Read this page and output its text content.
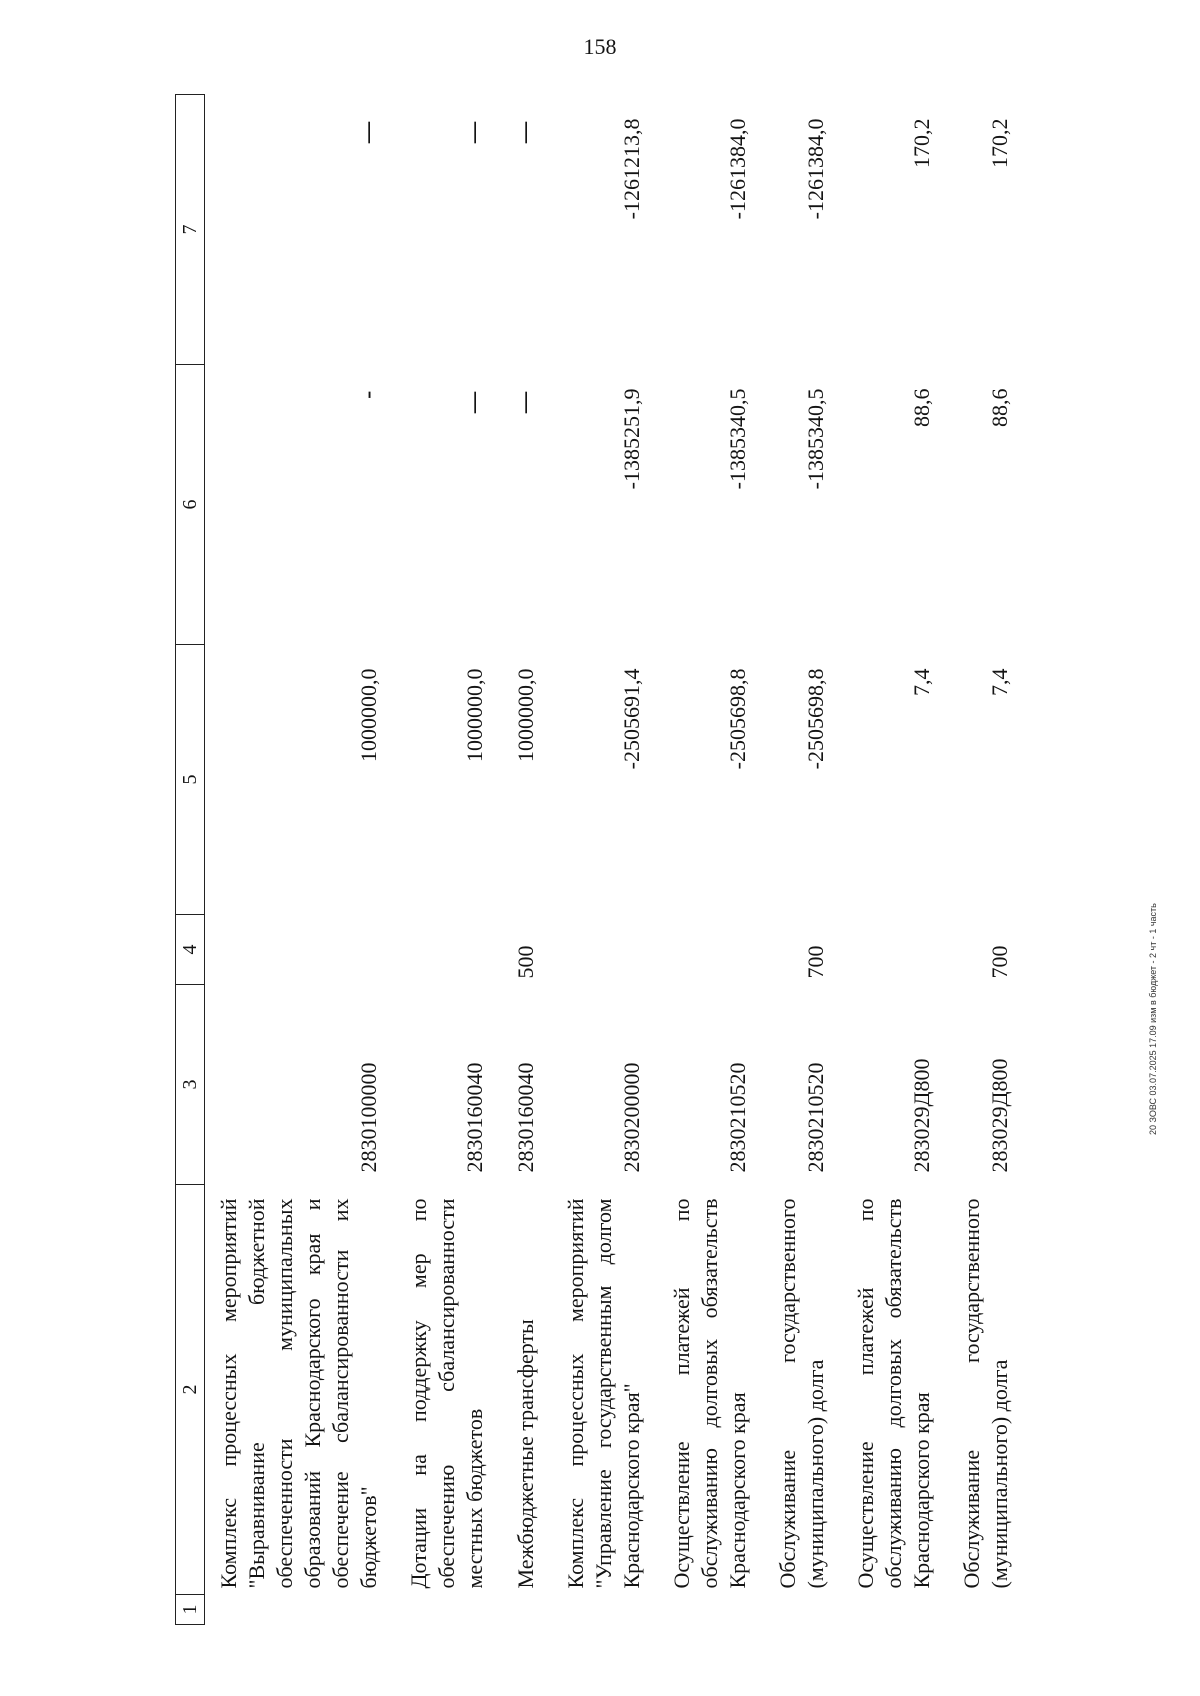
158
1	2	3	4	5	6	7
	Комплекс процессных мероприятий "Выравнивание бюджетной обеспеченности муниципальных образований Краснодарского края и обеспечение сбалансированности их бюджетов"	2830100000		1000000,0	-	—
	Дотации на поддержку мер по обеспечению сбалансированности местных бюджетов	2830160040		1000000,0	—	—
	Межбюджетные трансферты	2830160040	500	1000000,0	—	—
	Комплекс процессных мероприятий "Управление государственным долгом Краснодарского края"	2830200000		-2505691,4	-1385251,9	-1261213,8
	Осуществление платежей по обслуживанию долговых обязательств Краснодарского края	2830210520		-2505698,8	-1385340,5	-1261384,0
	Обслуживание государственного (муниципального) долга	2830210520	700	-2505698,8	-1385340,5	-1261384,0
	Осуществление платежей по обслуживанию долговых обязательств Краснодарского края	283029Д800		7,4	88,6	170,2
	Обслуживание государственного (муниципального) долга	283029Д800	700	7,4	88,6	170,2
20 ЗОВС 03.07.2025 17.09 изм в бюджет - 2 чт - 1 часть
